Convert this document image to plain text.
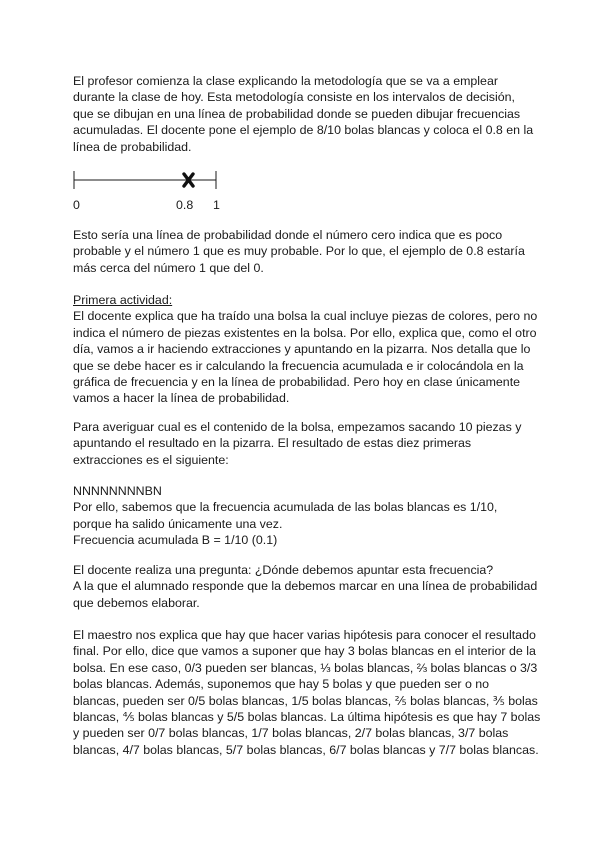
El profesor comienza la clase explicando la metodología que se va a emplear
durante la clase de hoy. Esta metodología consiste en los intervalos de decisión,
que se dibujan en una línea de probabilidad donde se pueden dibujar frecuencias
acumuladas. El docente pone el ejemplo de 8/10 bolas blancas y coloca el 0.8 en la
línea de probabilidad.

0	0.8 1

Esto sería una línea de probabilidad donde el número cero indica que es poco
probable y el número 1 que es muy probable. Por lo que, el ejemplo de 0.8 estaría
más cerca del número 1 que del 0.

Primera actividad:
El docente explica que ha traído una bolsa la cual incluye piezas de colores, pero no
indica el número de piezas existentes en la bolsa. Por ello, explica que, como el otro
día, vamos a ir haciendo extracciones y apuntando en la pizarra. Nos detalla que lo
que se debe hacer es ir calculando la frecuencia acumulada e ir colocándola en la
gráfica de frecuencia y en la línea de probabilidad. Pero hoy en clase únicamente
vamos a hacer la línea de probabilidad.

Para averiguar cual es el contenido de la bolsa, empezamos sacando 10 piezas y
apuntando el resultado en la pizarra. El resultado de estas diez primeras
extracciones es el siguiente:

NNNNNNNNBN
Por ello, sabemos que la frecuencia acumulada de las bolas blancas es 1/10,
porque ha salido únicamente una vez.
Frecuencia acumulada B = 1/10 (0.1)

El docente realiza una pregunta: ¿Dónde debemos apuntar esta frecuencia?
A la que el alumnado responde que la debemos marcar en una línea de probabilidad
que debemos elaborar.

El maestro nos explica que hay que hacer varias hipótesis para conocer el resultado
final. Por ello, dice que vamos a suponer que hay 3 bolas blancas en el interior de la
bolsa. En ese caso, 0/3 pueden ser blancas, ⅓ bolas blancas, ⅔ bolas blancas o 3/3
bolas blancas. Además, suponemos que hay 5 bolas y que pueden ser o no
blancas, pueden ser 0/5 bolas blancas, 1/5 bolas blancas, ⅖ bolas blancas, ⅗ bolas
blancas, ⅘ bolas blancas y 5/5 bolas blancas. La última hipótesis es que hay 7 bolas
y pueden ser 0/7 bolas blancas, 1/7 bolas blancas, 2/7 bolas blancas, 3/7 bolas
blancas, 4/7 bolas blancas, 5/7 bolas blancas, 6/7 bolas blancas y 7/7 bolas blancas.
